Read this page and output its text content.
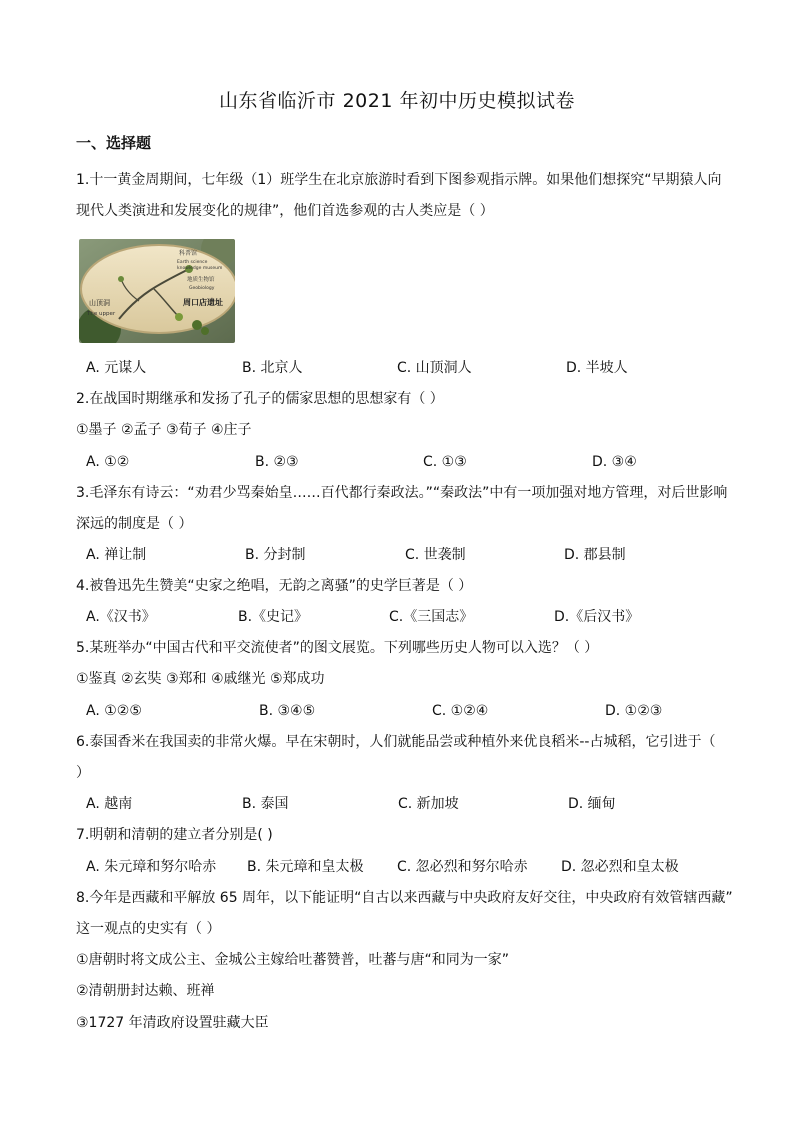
山东省临沂市 2021 年初中历史模拟试卷
一、选择题
1.十一黄金周期间，七年级（1）班学生在北京旅游时看到下图参观指示牌。如果他们想探究“早期猿人向
现代人类演进和发展变化的规律”，他们首选参观的古人类应是（ ）
科普馆
Earth science
knowledge museum
地质生物馆
Geobiology
周口店遗址
山顶洞
The upper
A. 元谋人	B. 北京人	C. 山顶洞人	D. 半坡人
2.在战国时期继承和发扬了孔子的儒家思想的思想家有（ ）
①墨子 ②孟子 ③荀子 ④庄子
A. ①②	B. ②③	C. ①③	D. ③④
3.毛泽东有诗云：“劝君少骂秦始皇……百代都行秦政法。”“秦政法”中有一项加强对地方管理，对后世影响
深远的制度是（ ）
A. 禅让制	B. 分封制	C. 世袭制	D. 郡县制
4.被鲁迅先生赞美“史家之绝唱，无韵之离骚”的史学巨著是（ ）
A.《汉书》	B.《史记》	C.《三国志》	D.《后汉书》
5.某班举办“中国古代和平交流使者”的图文展览。下列哪些历史人物可以入选？（ ）
①鉴真 ②玄奘 ③郑和 ④戚继光 ⑤郑成功
A. ①②⑤	B. ③④⑤	C. ①②④	D. ①②③
6.泰国香米在我国卖的非常火爆。早在宋朝时，人们就能品尝或种植外来优良稻米--占城稻，它引进于（
）
A. 越南	B. 泰国	C. 新加坡	D. 缅甸
7.明朝和清朝的建立者分别是( )
A. 朱元璋和努尔哈赤 B. 朱元璋和皇太极 C. 忽必烈和努尔哈赤 D. 忽必烈和皇太极
8.今年是西藏和平解放 65 周年，以下能证明“自古以来西藏与中央政府友好交往，中央政府有效管辖西藏”
这一观点的史实有（ ）
①唐朝时将文成公主、金城公主嫁给吐蕃赞普，吐蕃与唐“和同为一家”
②清朝册封达赖、班禅
③1727 年清政府设置驻藏大臣
